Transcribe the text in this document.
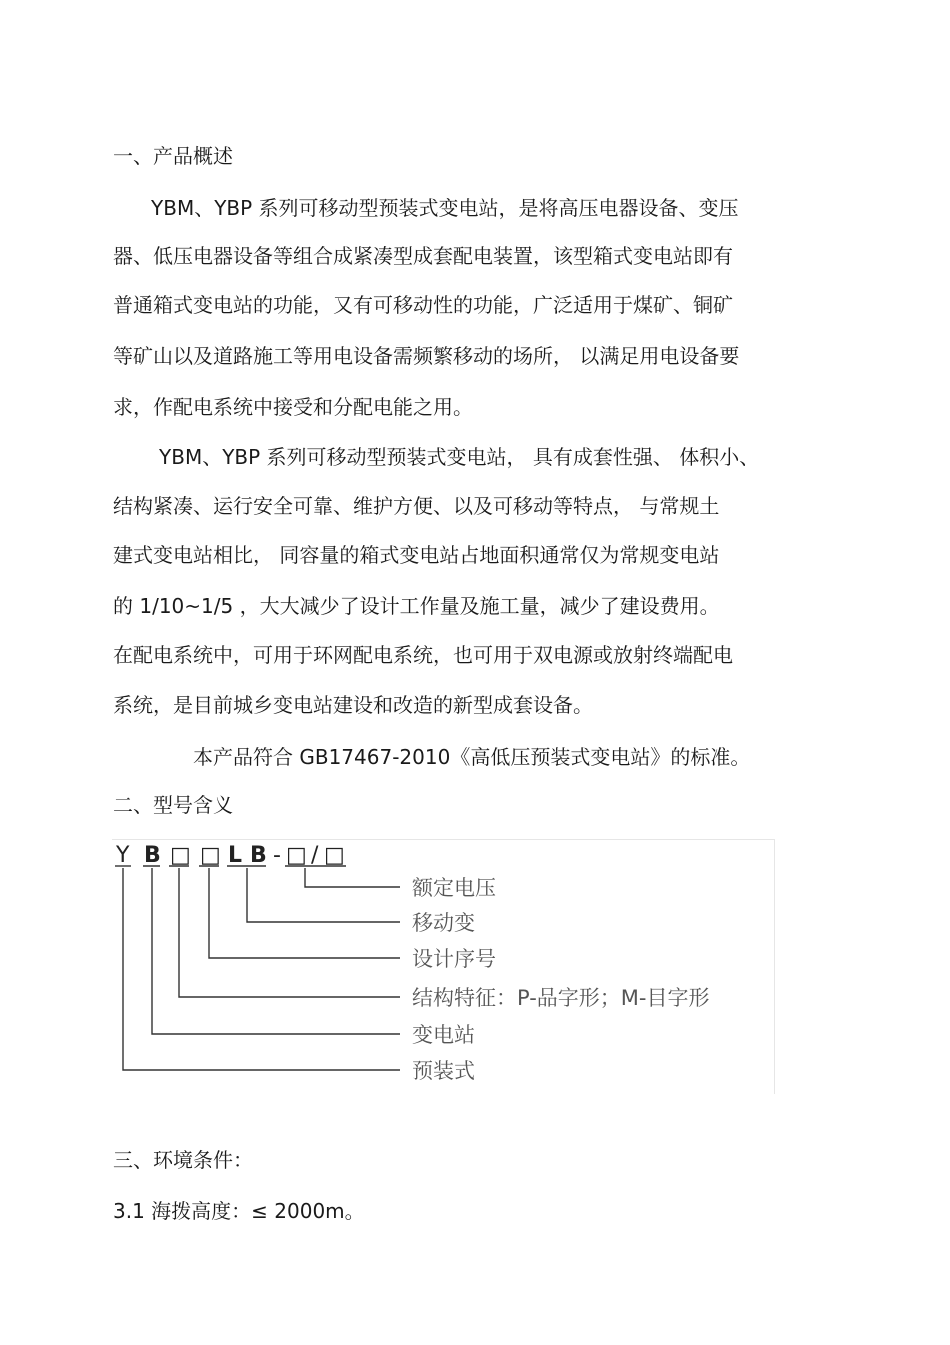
一、产品概述

YBM、YBP 系列可移动型预装式变电站，是将高压电器设备、变压

器、低压电器设备等组合成紧凑型成套配电装置，该型箱式变电站即有

普通箱式变电站的功能，又有可移动性的功能，广泛适用于煤矿、铜矿

等矿山以及道路施工等用电设备需频繁移动的场所， 以满足用电设备要

求，作配电系统中接受和分配电能之用。

YBM、YBP 系列可移动型预装式变电站， 具有成套性强、 体积小、

结构紧凑、运行安全可靠、维护方便、以及可移动等特点， 与常规土

建式变电站相比， 同容量的箱式变电站占地面积通常仅为常规变电站

的 1/10~1/5 ，大大减少了设计工作量及施工量，减少了建设费用。

在配电系统中，可用于环网配电系统，也可用于双电源或放射终端配电

系统，是目前城乡变电站建设和改造的新型成套设备。

本产品符合 GB17467-2010《高低压预装式变电站》的标准。

二、型号含义

Y B □ □ L B - □ / □
额定电压
移动变
设计序号
结构特征：P-品字形；M-目字形
变电站
预装式

三、环境条件：

3.1 海拨高度：≤ 2000m。
